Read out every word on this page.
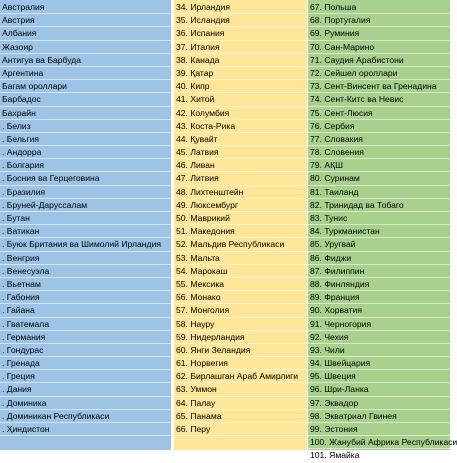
Австралия
Австрия
Албания
Жазоир
Антигуа ва Барбуда
Аргентина
Багам ороллари
Барбадос
Бахрайн
. Белиз
. Бельгия
. Андорра
. Болгария
. Босния ва Герцеговина
. Бразилия
. Бруней-Даруссалам
. Бутан
. Ватикан
. Буюк Британия ва Шимолий Ирландия
. Венгрия
. Венесуэла
. Вьетнам
. Габония
. Гайана
. Гватемала
. Германия
. Гондурас
. Гренада
. Греция
. Дания
. Доминика
. Доминикан Республикаси
. Ҳиндистон
34. Ирландия
35. Исландия
36. Испания
37. Италия
38. Канада
39. Қатар
40. Кипр
41. Хитой
42. Колумбия
43. Коста-Рика
44. Қувайт
45. Латвия
46. Ливан
47. Литвия
48. Лихтенштейн
49. Люксембург
50. Маврикий
51. Македония
52. Мальдив Республикаси
53. Мальта
54. Марокаш
55. Мексика
56. Монако
57. Монголия
58. Науру
59. Нидерландия
60. Янги Зеландия
61. Норвегия
62. Бирлашган Араб Амирлиги
63. Уммон
64. Палау
65. Панама
66. Перу
67. Польша
68. Португалия
69. Руминия
70. Сан-Марино
71. Саудия Арабистони
72. Сейшел ороллари
73. Сент-Винсент ва Гренадина
74. Сент-Китс ва Невис
75. Сент-Люсия
76. Сербия
77. Словакия
78. Словения
79. АҚШ
80. Суринам
81. Таиланд
82. Тринидад ва Тобаго
83. Тунис
84. Туркманистан
85. Уругвай
86. Фиджи
87. Филиппин
88. Финляндия
89. Франция
90. Хорватия
91. Черногория
92. Чехия
93. Чили
94. Швейцария
95. Швеция
96. Шри-Ланка
97. Эквадор
98. Экватриал Гвинея
99. Эстония
100. Жанубий Африка Республикаси
101. Ямайка
